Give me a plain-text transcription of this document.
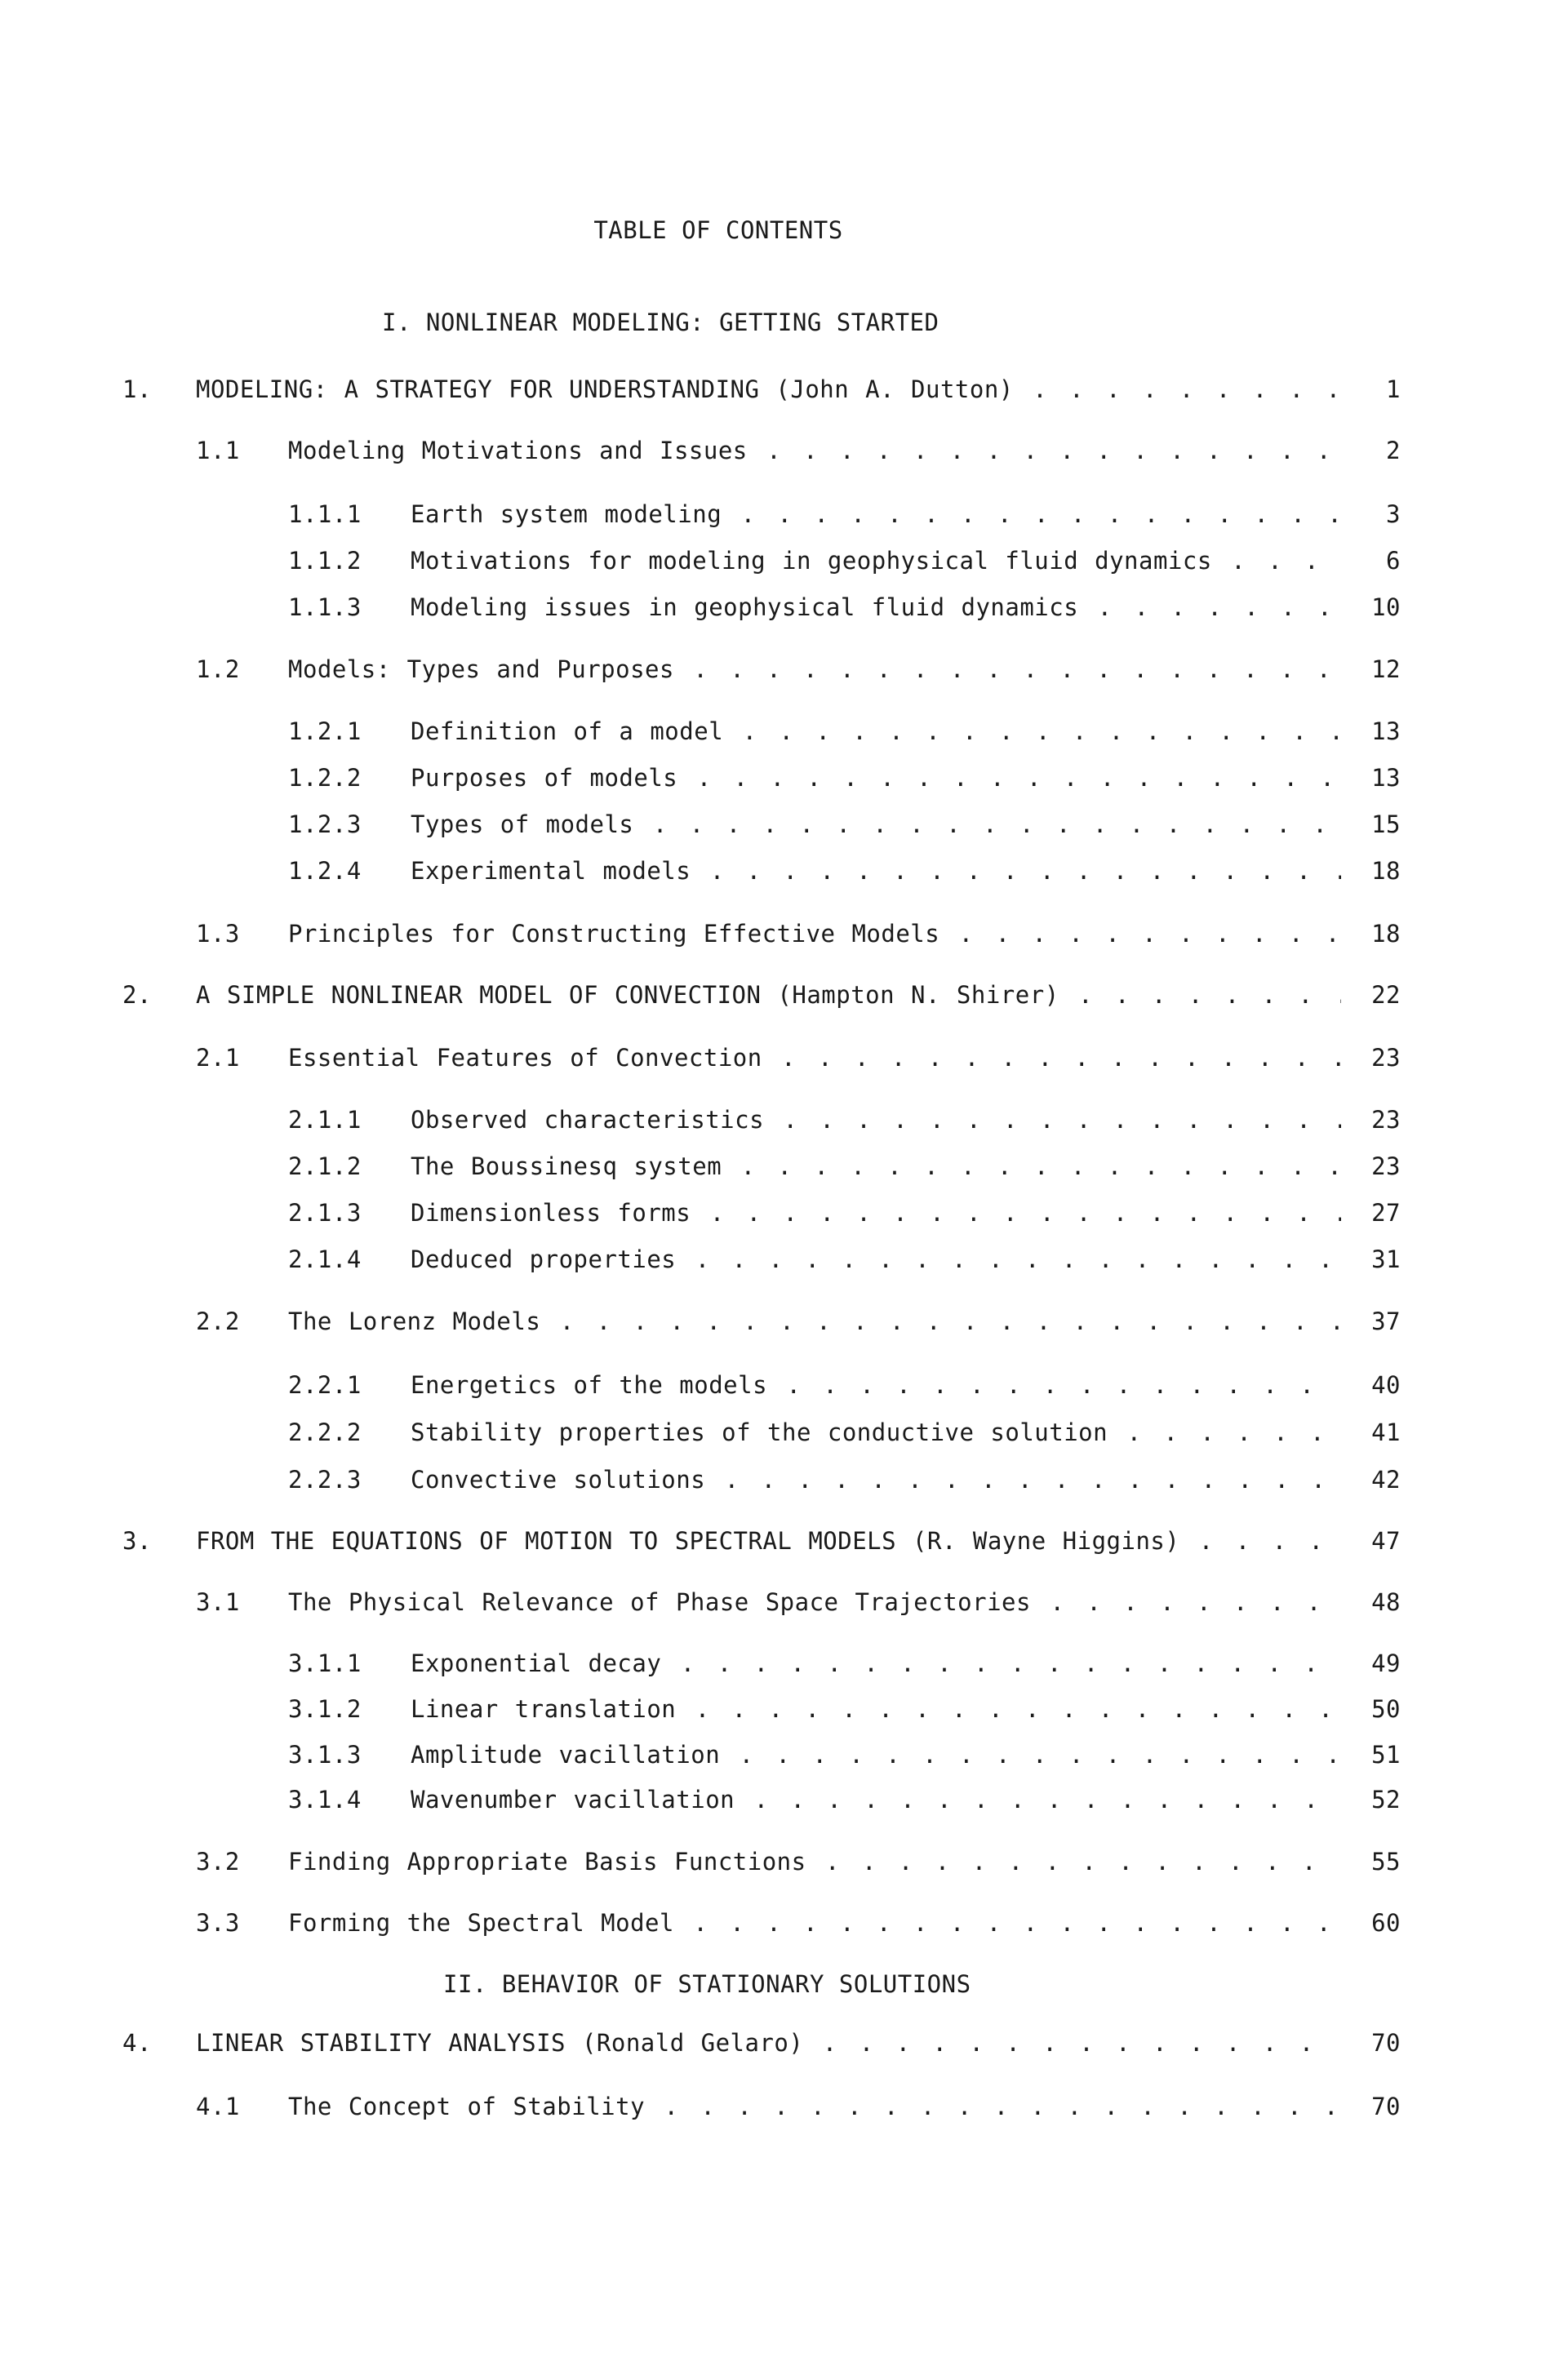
TABLE OF CONTENTS
I. NONLINEAR MODELING: GETTING STARTED
1. MODELING: A STRATEGY FOR UNDERSTANDING (John A. Dutton) . . .	1
1.1 Modeling Motivations and Issues . . .	2
1.1.1 Earth system modeling . . .	3
1.1.2 Motivations for modeling in geophysical fluid dynamics . . .	6
1.1.3 Modeling issues in geophysical fluid dynamics . . .	10
1.2 Models: Types and Purposes . . .	12
1.2.1 Definition of a model . . .	13
1.2.2 Purposes of models . . .	13
1.2.3 Types of models . . .	15
1.2.4 Experimental models . . .	18
1.3 Principles for Constructing Effective Models . . .	18
2. A SIMPLE NONLINEAR MODEL OF CONVECTION (Hampton N. Shirer) . . .	22
2.1 Essential Features of Convection . . .	23
2.1.1 Observed characteristics . . .	23
2.1.2 The Boussinesq system . . .	23
2.1.3 Dimensionless forms . . .	27
2.1.4 Deduced properties . . .	31
2.2 The Lorenz Models . . .	37
2.2.1 Energetics of the models . . .	40
2.2.2 Stability properties of the conductive solution . . .	41
2.2.3 Convective solutions . . .	42
3. FROM THE EQUATIONS OF MOTION TO SPECTRAL MODELS (R. Wayne Higgins) . . .	47
3.1 The Physical Relevance of Phase Space Trajectories . . .	48
3.1.1 Exponential decay . . .	49
3.1.2 Linear translation . . .	50
3.1.3 Amplitude vacillation . . .	51
3.1.4 Wavenumber vacillation . . .	52
3.2 Finding Appropriate Basis Functions . . .	55
3.3 Forming the Spectral Model . . .	60
II. BEHAVIOR OF STATIONARY SOLUTIONS
4. LINEAR STABILITY ANALYSIS (Ronald Gelaro) . . .	70
4.1 The Concept of Stability . . .	70
